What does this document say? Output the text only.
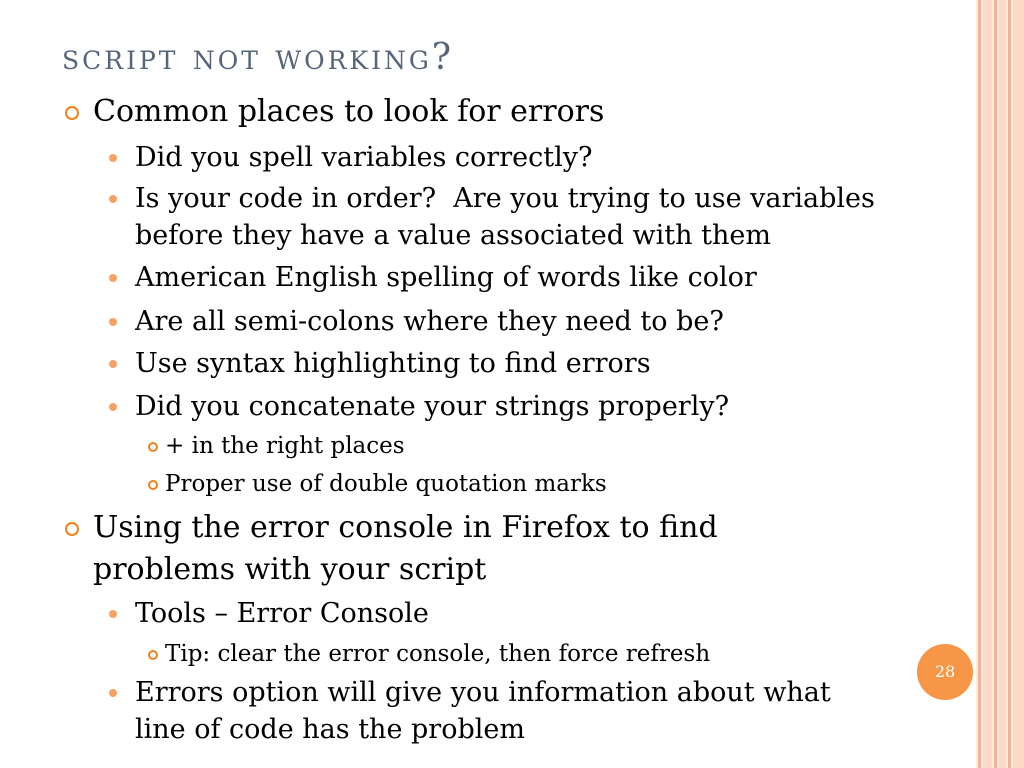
script not working?
Common places to look for errors
Did you spell variables correctly?
Is your code in order?  Are you trying to use variables
before they have a value associated with them
American English spelling of words like color
Are all semi-colons where they need to be?
Use syntax highlighting to find errors
Did you concatenate your strings properly?
+ in the right places
Proper use of double quotation marks
Using the error console in Firefox to find
problems with your script
Tools – Error Console
Tip: clear the error console, then force refresh
Errors option will give you information about what
line of code has the problem
28
